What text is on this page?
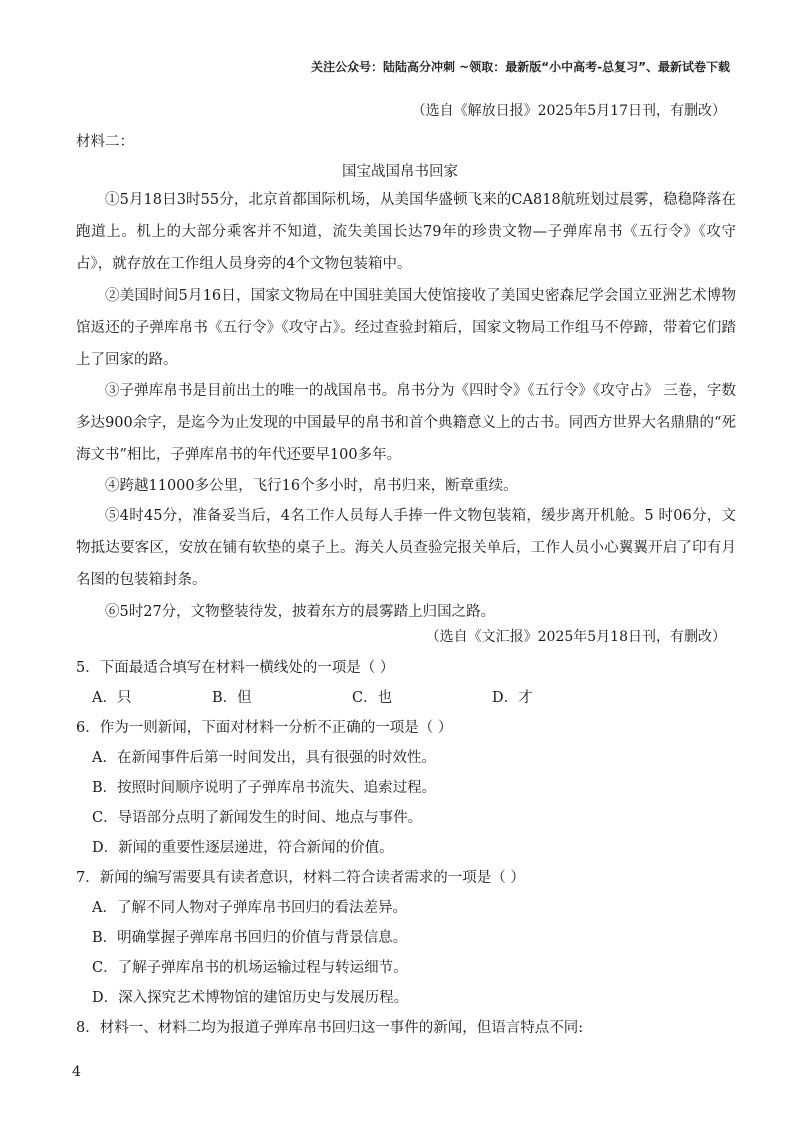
关注公众号：陆陆高分冲刺 ~领取：最新版“小中高考-总复习”、最新试卷下载
（选自《解放日报》2025年5月17日刊，有删改）
材料二：
国宝战国帛书回家

①5月18日3时55分，北京首都国际机场，从美国华盛顿飞来的CA818航班划过晨雾，稳稳降落在跑道上。机上的大部分乘客并不知道，流失美国长达79年的珍贵文物—子弹库帛书《五行令》《攻守占》，就存放在工作组人员身旁的4个文物包装箱中。

②美国时间5月16日，国家文物局在中国驻美国大使馆接收了美国史密森尼学会国立亚洲艺术博物馆返还的子弹库帛书《五行令》《攻守占》。经过查验封箱后，国家文物局工作组马不停蹄，带着它们踏上了回家的路。

③子弹库帛书是目前出土的唯一的战国帛书。帛书分为《四时令》《五行令》《攻守占》 三卷，字数多达900余字，是迄今为止发现的中国最早的帛书和首个典籍意义上的古书。同西方世界大名鼎鼎的“死海文书”相比，子弹库帛书的年代还要早100多年。

④跨越11000多公里，飞行16个多小时，帛书归来，断章重续。

⑤4时45分，准备妥当后，4名工作人员每人手捧一件文物包装箱，缓步离开机舱。5 时06分，文物抵达要客区，安放在铺有软垫的桌子上。海关人员查验完报关单后，工作人员小心翼翼开启了印有月名图的包装箱封条。

⑥5时27分，文物整装待发，披着东方的晨雾踏上归国之路。

（选自《文汇报》2025年5月18日刊，有删改）
5．下面最适合填写在材料一横线处的一项是（ ）
A．只	B．但	C．也	D．才
6．作为一则新闻，下面对材料一分析不正确的一项是（ ）
A．在新闻事件后第一时间发出，具有很强的时效性。
B．按照时间顺序说明了子弹库帛书流失、追索过程。
C．导语部分点明了新闻发生的时间、地点与事件。
D．新闻的重要性逐层递进，符合新闻的价值。
7．新闻的编写需要具有读者意识，材料二符合读者需求的一项是（ ）
A．了解不同人物对子弹库帛书回归的看法差异。
B．明确掌握子弹库帛书回归的价值与背景信息。
C．了解子弹库帛书的机场运输过程与转运细节。
D．深入探究艺术博物馆的建馆历史与发展历程。
8．材料一、材料二均为报道子弹库帛书回归这一事件的新闻，但语言特点不同:
4
